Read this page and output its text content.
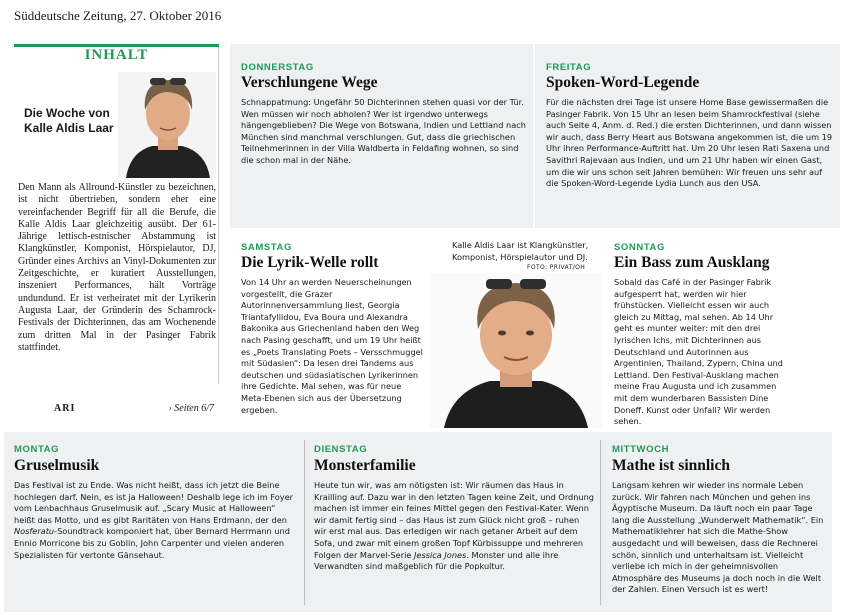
Süddeutsche Zeitung, 27. Oktober 2016
INHALT
Die Woche von Kalle Aldis Laar

Den Mann als Allround-Künstler zu bezeichnen, ist nicht übertrieben, sondern eher eine vereinfachender Begriff für all die Berufe, die Kalle Aldis Laar gleichzeitig ausübt. Der 61-Jährige lettisch-estnischer Abstammung ist Klangkünstler, Komponist, Hörspielautor, DJ, Gründer eines Archivs an Vinyl-Dokumenten zur Zeitgeschichte, er kuratiert Ausstellungen, inszeniert Performances, hält Vorträge undundund. Er ist verheiratet mit der Lyrikerin Augusta Laar, der Gründerin des Schamrock-Festivals der Dichterinnen, das am Wochenende zum dritten Mal in der Pasinger Fabrik stattfindet.

ARI	› Seiten 6/7
DONNERSTAG
Verschlungene Wege

Schnappatmung: Ungefähr 50 Dichterinnen stehen quasi vor der Tür. Wen müssen wir noch abholen? Wer ist irgendwo unterwegs hängengeblieben? Die Wege von Botswana, Indien und Lettland nach München sind manchmal verschlungen. Gut, dass die griechischen Teilnehmerinnen in der Villa Waldberta in Feldafing wohnen, so sind die schon mal in der Nähe.

FREITAG
Spoken-Word-Legende

Für die nächsten drei Tage ist unsere Home Base gewissermaßen die Pasinger Fabrik. Von 15 Uhr an lesen beim Shamrockfestival (siehe auch Seite 4, Anm. d. Red.) die ersten Dichterinnen, und dann wissen wir auch, dass Berry Heart aus Botswana angekommen ist, die um 19 Uhr ihren Performance-Auftritt hat. Um 20 Uhr lesen Rati Saxena und Savithri Rajevaan aus Indien, und um 21 Uhr haben wir einen Gast, um die wir uns schon seit Jahren bemühen: Wir freuen uns sehr auf die Spoken-Word-Legende Lydia Lunch aus den USA.

SAMSTAG
Die Lyrik-Welle rollt

Von 14 Uhr an werden Neuerscheinungen vorgestellt, die Grazer Autorinnenversammlung liest, Georgia Triantafyllidou, Eva Boura und Alexandra Bakonika aus Griechenland haben den Weg nach Pasing geschafft, und um 19 Uhr heißt es „Poets Translating Poets – Versschmuggel mit Südasien“: Da lesen drei Tandems aus deutschen und südasiatischen Lyrikerinnen ihre Gedichte. Mal sehen, was für neue Meta-Ebenen sich aus der Übersetzung ergeben.

Kalle Aldis Laar ist Klangkünstler, Komponist, Hörspielautor und DJ.
FOTO: PRIVAT/OH
SONNTAG
Ein Bass zum Ausklang

Sobald das Café in der Pasinger Fabrik aufgesperrt hat, werden wir hier frühstücken. Vielleicht essen wir auch gleich zu Mittag, mal sehen. Ab 14 Uhr geht es munter weiter: mit den drei lyrischen Ichs, mit Dichterinnen aus Deutschland und Autorinnen aus Argentinien, Thailand, Zypern, China und Lettland. Den Festival-Ausklang machen meine Frau Augusta und ich zusammen mit dem wunderbaren Bassisten Dine Doneff. Kunst oder Unfall? Wir werden sehen.

MONTAG
Gruselmusik

Das Festival ist zu Ende. Was nicht heißt, dass ich jetzt die Beine hochlegen darf. Nein, es ist ja Halloween! Deshalb lege ich im Foyer vom Lenbachhaus Gruselmusik auf. „Scary Music at Halloween“ heißt das Motto, und es gibt Raritäten von Hans Erdmann, der den Nosferatu-Soundtrack komponiert hat, über Bernard Herrmann und Ennio Morricone bis zu Goblin, John Carpenter und vielen anderen Spezialisten für vertonte Gänsehaut.

DIENSTAG
Monsterfamilie

Heute tun wir, was am nötigsten ist: Wir räumen das Haus in Krailling auf. Dazu war in den letzten Tagen keine Zeit, und Ordnung machen ist immer ein feines Mittel gegen den Festival-Kater. Wenn wir damit fertig sind – das Haus ist zum Glück nicht groß – ruhen wir erst mal aus. Das erledigen wir nach getaner Arbeit auf dem Sofa, und zwar mit einem großen Topf Kürbissuppe und mehreren Folgen der Marvel-Serie Jessica Jones. Monster und alle ihre Verwandten sind maßgeblich für die Popkultur.

MITTWOCH
Mathe ist sinnlich

Langsam kehren wir wieder ins normale Leben zurück. Wir fahren nach München und gehen ins Ägyptische Museum. Da läuft noch ein paar Tage lang die Ausstellung „Wunderwelt Mathematik“. Ein Mathematiklehrer hat sich die Mathe-Show ausgedacht und will beweisen, dass die Rechnerei schön, sinnlich und unterhaltsam ist. Vielleicht verliebe ich mich in der geheimnisvollen Atmosphäre des Museums ja doch noch in die Welt der Zahlen. Einen Versuch ist es wert!
